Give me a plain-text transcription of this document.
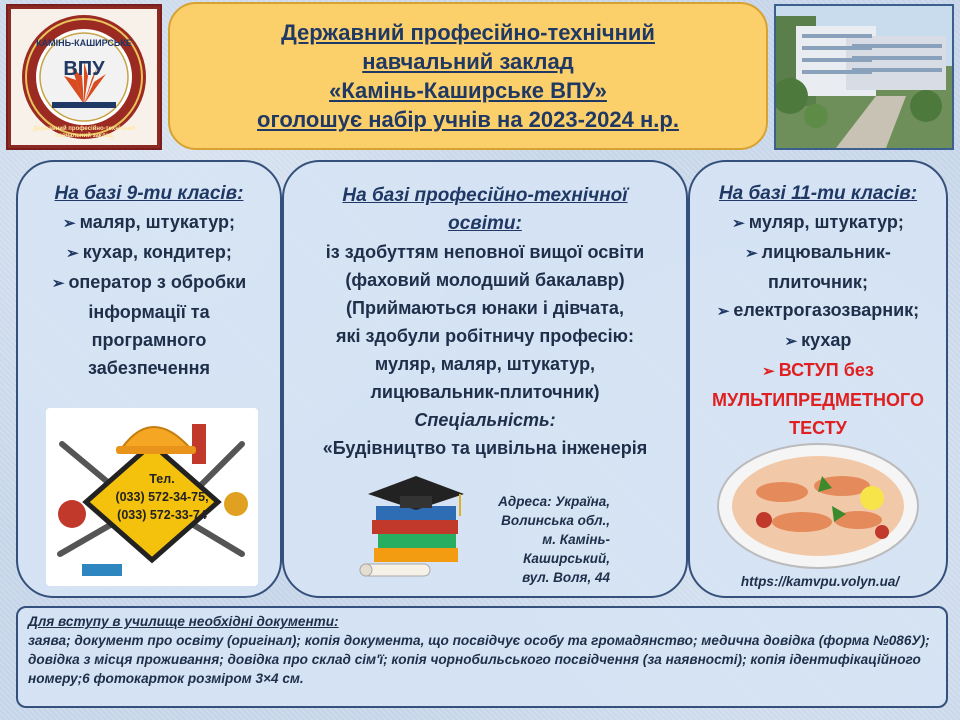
ВПУ
КАМІНЬ-КАШИРСЬКЕ
Державний професійно-технічний навчальний заклад
Державний професійно-технічний
навчальний заклад
«Камінь-Каширське ВПУ»
оголошує набір учнів на 2023-2024 н.р.
На базі 9-ти класів:
➢ маляр, штукатур;
➢ кухар, кондитер;
➢ оператор з обробки інформації та програмного забезпечення
Тел.
(033) 572-34-75,
(033) 572-33-74
На базі професійно-технічної освіти:
із здобуттям неповної вищої освіти
(фаховий молодший бакалавр)
(Приймаються юнаки і дівчата,
які здобули робітничу професію:
муляр, маляр, штукатур,
лицювальник-плиточник)
Спеціальність:
«Будівництво та цивільна інженерія
Адреса: Україна,
Волинська обл.,
м. Камінь-
Каширський,
вул. Воля, 44
На базі 11-ти класів:
➢ муляр, штукатур;
➢ лицювальник-плиточник;
➢ електрогазозварник;
➢ кухар
➢ ВСТУП без
МУЛЬТИПРЕДМЕТНОГО
ТЕСТУ
https://kamvpu.volyn.ua/
Для вступу в училище необхідні документи:
заява; документ про освіту (оригінал); копія документа, що посвідчує особу та громадянство; медична довідка (форма №086У); довідка з місця проживання; довідка про склад сім'ї; копія чорнобильського посвідчення (за наявності); копія ідентифікаційного номеру;6 фотокарток розміром 3×4 см.
